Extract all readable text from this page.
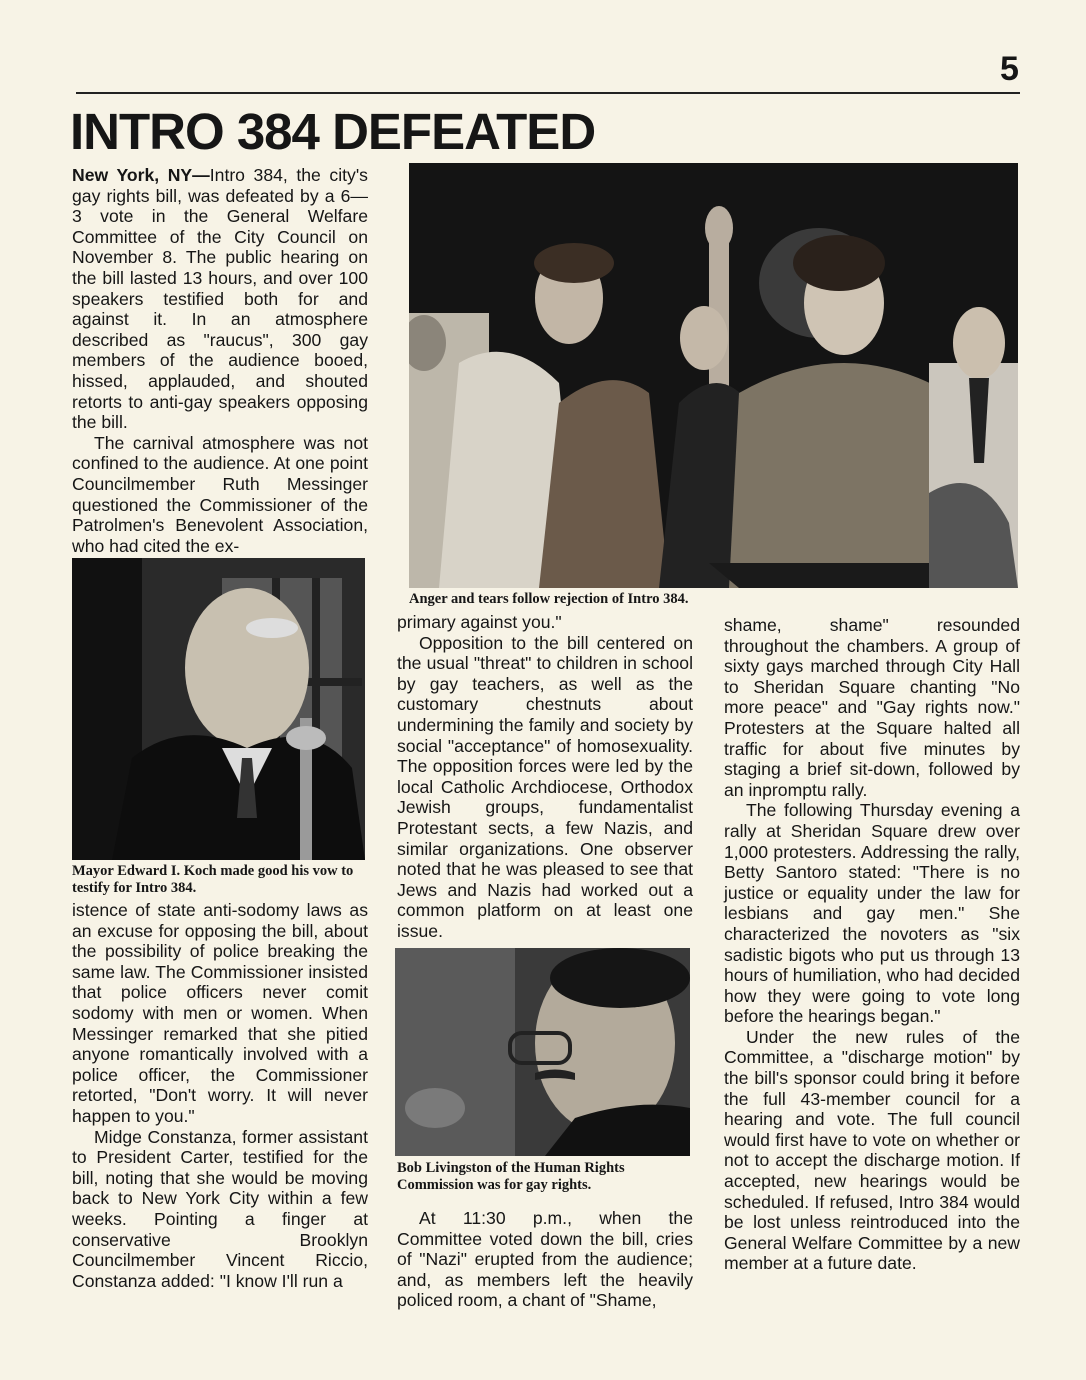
5
INTRO 384 DEFEATED

New York, NY—Intro 384, the city's gay rights bill, was defeated by a 6—3 vote in the General Welfare Committee of the City Council on November 8. The public hearing on the bill lasted 13 hours, and over 100 speakers testified both for and against it. In an atmosphere described as "raucus", 300 gay members of the audience booed, hissed, applauded, and shouted retorts to anti-gay speakers opposing the bill.

The carnival atmosphere was not confined to the audience. At one point Councilmember Ruth Messinger questioned the Commissioner of the Patrolmen's Benevolent Association, who had cited the ex-

Mayor Edward I. Koch made good his vow to testify for Intro 384.

istence of state anti-sodomy laws as an excuse for opposing the bill, about the possibility of police breaking the same law. The Commissioner insisted that police officers never comit sodomy with men or women. When Messinger remarked that she pitied anyone romantically involved with a police officer, the Commissioner retorted, "Don't worry. It will never happen to you."

Midge Constanza, former assistant to President Carter, testified for the bill, noting that she would be moving back to New York City within a few weeks. Pointing a finger at conservative Brooklyn Councilmember Vincent Riccio, Constanza added: "I know I'll run a

Anger and tears follow rejection of Intro 384.

primary against you."

Opposition to the bill centered on the usual "threat" to children in school by gay teachers, as well as the customary chestnuts about undermining the family and society by social "acceptance" of homosexuality. The opposition forces were led by the local Catholic Archdiocese, Orthodox Jewish groups, fundamentalist Protestant sects, a few Nazis, and similar organizations. One observer noted that he was pleased to see that Jews and Nazis had worked out a common platform on at least one issue.

Bob Livingston of the Human Rights Commission was for gay rights.

At 11:30 p.m., when the Committee voted down the bill, cries of "Nazi" erupted from the audience; and, as members left the heavily policed room, a chant of "Shame,

shame, shame" resounded throughout the chambers. A group of sixty gays marched through City Hall to Sheridan Square chanting "No more peace" and "Gay rights now." Protesters at the Square halted all traffic for about five minutes by staging a brief sit-down, followed by an inpromptu rally.

The following Thursday evening a rally at Sheridan Square drew over 1,000 protesters. Addressing the rally, Betty Santoro stated: "There is no justice or equality under the law for lesbians and gay men." She characterized the novoters as "six sadistic bigots who put us through 13 hours of humiliation, who had decided how they were going to vote long before the hearings began."

Under the new rules of the Committee, a "discharge motion" by the bill's sponsor could bring it before the full 43-member council for a hearing and vote. The full council would first have to vote on whether or not to accept the discharge motion. If accepted, new hearings would be scheduled. If refused, Intro 384 would be lost unless reintroduced into the General Welfare Committee by a new member at a future date.
